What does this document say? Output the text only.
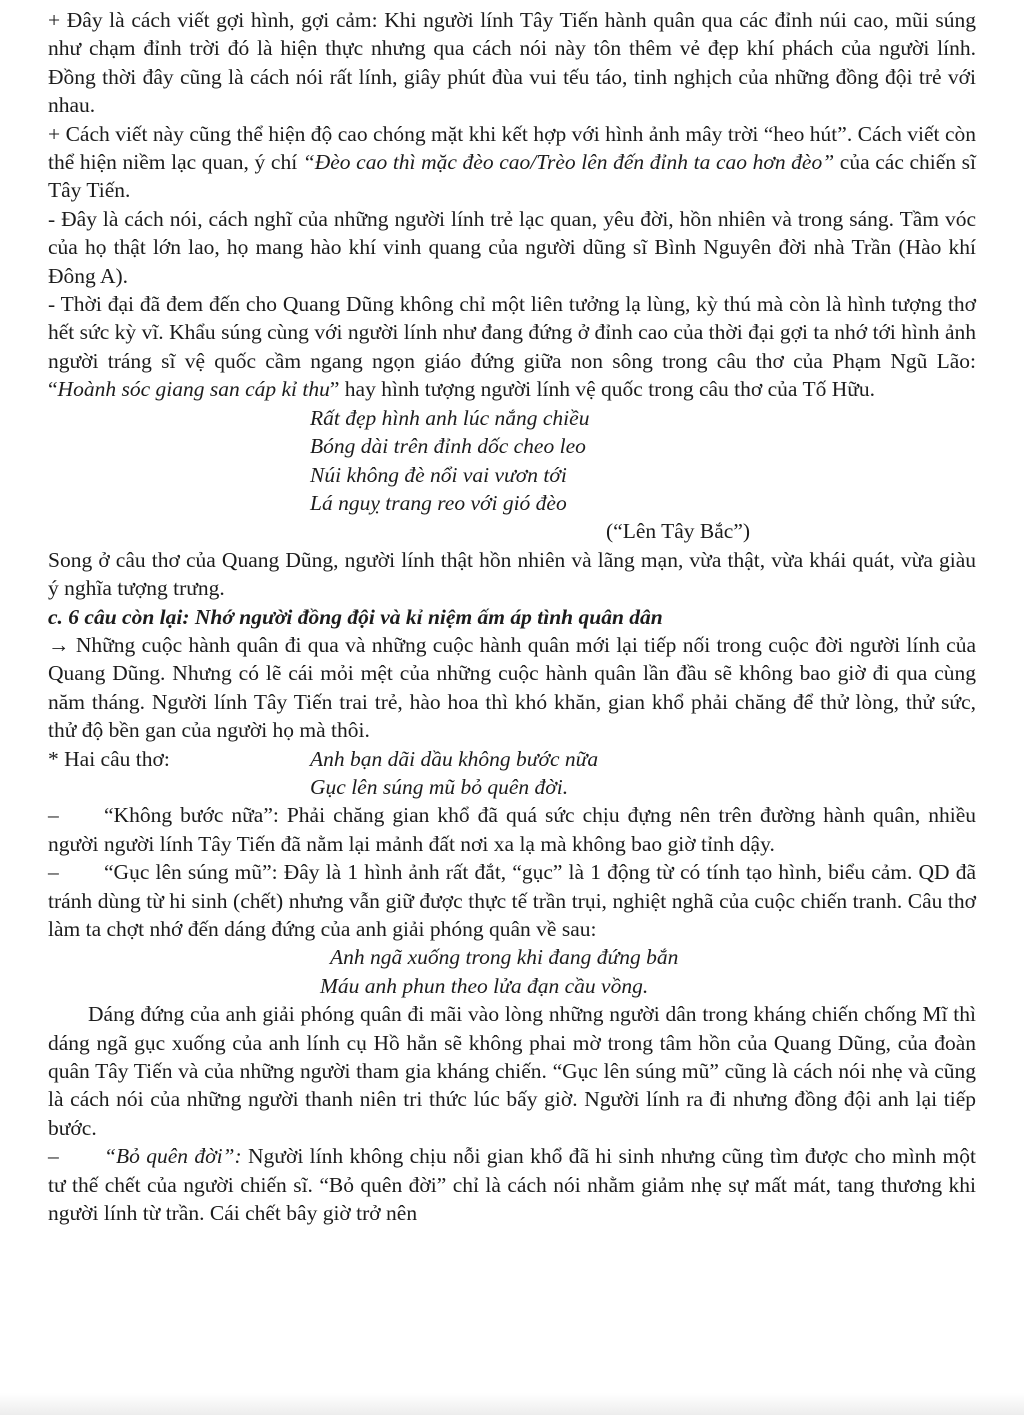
+ Đây là cách viết gợi hình, gợi cảm: Khi người lính Tây Tiến hành quân qua các đỉnh núi cao, mũi súng như chạm đỉnh trời đó là hiện thực nhưng qua cách nói này tôn thêm vẻ đẹp khí phách của người lính. Đồng thời đây cũng là cách nói rất lính, giây phút đùa vui tếu táo, tinh nghịch của những đồng đội trẻ với nhau.

+ Cách viết này cũng thể hiện độ cao chóng mặt khi kết hợp với hình ảnh mây trời “heo hút”. Cách viết còn thể hiện niềm lạc quan, ý chí “Đèo cao thì mặc đèo cao/Trèo lên đến đỉnh ta cao hơn đèo” của các chiến sĩ Tây Tiến.

- Đây là cách nói, cách nghĩ của những người lính trẻ lạc quan, yêu đời, hồn nhiên và trong sáng. Tầm vóc của họ thật lớn lao, họ mang hào khí vinh quang của người dũng sĩ Bình Nguyên đời nhà Trần (Hào khí Đông A).

- Thời đại đã đem đến cho Quang Dũng không chỉ một liên tưởng lạ lùng, kỳ thú mà còn là hình tượng thơ hết sức kỳ vĩ. Khẩu súng cùng với người lính như đang đứng ở đỉnh cao của thời đại gợi ta nhớ tới hình ảnh người tráng sĩ vệ quốc cầm ngang ngọn giáo đứng giữa non sông trong câu thơ của Phạm Ngũ Lão: “Hoành sóc giang san cáp kỉ thu” hay hình tượng người lính vệ quốc trong câu thơ của Tố Hữu.

Rất đẹp hình anh lúc nắng chiều
Bóng dài trên đỉnh dốc cheo leo
Núi không đè nổi vai vươn tới
Lá nguỵ trang reo với gió đèo
(“Lên Tây Bắc”)

Song ở câu thơ của Quang Dũng, người lính thật hồn nhiên và lãng mạn, vừa thật, vừa khái quát, vừa giàu ý nghĩa tượng trưng.

c. 6 câu còn lại: Nhớ người đồng đội và kỉ niệm ấm áp tình quân dân

→ Những cuộc hành quân đi qua và những cuộc hành quân mới lại tiếp nối trong cuộc đời người lính của Quang Dũng. Nhưng có lẽ cái mỏi mệt của những cuộc hành quân lần đầu sẽ không bao giờ đi qua cùng năm tháng. Người lính Tây Tiến trai trẻ, hào hoa thì khó khăn, gian khổ phải chăng để thử lòng, thử sức, thử độ bền gan của người họ mà thôi.

* Hai câu thơ:	Anh bạn dãi dầu không bước nữa
Gục lên súng mũ bỏ quên đời.

– “Không bước nữa”: Phải chăng gian khổ đã quá sức chịu đựng nên trên đường hành quân, nhiều người người lính Tây Tiến đã nằm lại mảnh đất nơi xa lạ mà không bao giờ tỉnh dậy.

– “Gục lên súng mũ”: Đây là 1 hình ảnh rất đắt, “gục” là 1 động từ có tính tạo hình, biểu cảm. QD đã tránh dùng từ hi sinh (chết) nhưng vẫn giữ được thực tế trần trụi, nghiệt nghã của cuộc chiến tranh. Câu thơ làm ta chợt nhớ đến dáng đứng của anh giải phóng quân về sau:

Anh ngã xuống trong khi đang đứng bắn
Máu anh phun theo lửa đạn cầu vồng.

Dáng đứng của anh giải phóng quân đi mãi vào lòng những người dân trong kháng chiến chống Mĩ thì dáng ngã gục xuống của anh lính cụ Hồ hẳn sẽ không phai mờ trong tâm hồn của Quang Dũng, của đoàn quân Tây Tiến và của những người tham gia kháng chiến. “Gục lên súng mũ” cũng là cách nói nhẹ và cũng là cách nói của những người thanh niên tri thức lúc bấy giờ. Người lính ra đi nhưng đồng đội anh lại tiếp bước.

– “Bỏ quên đời”: Người lính không chịu nỗi gian khổ đã hi sinh nhưng cũng tìm được cho mình một tư thế chết của người chiến sĩ. “Bỏ quên đời” chỉ là cách nói nhằm giảm nhẹ sự mất mát, tang thương khi người lính từ trần. Cái chết bây giờ trở nên
